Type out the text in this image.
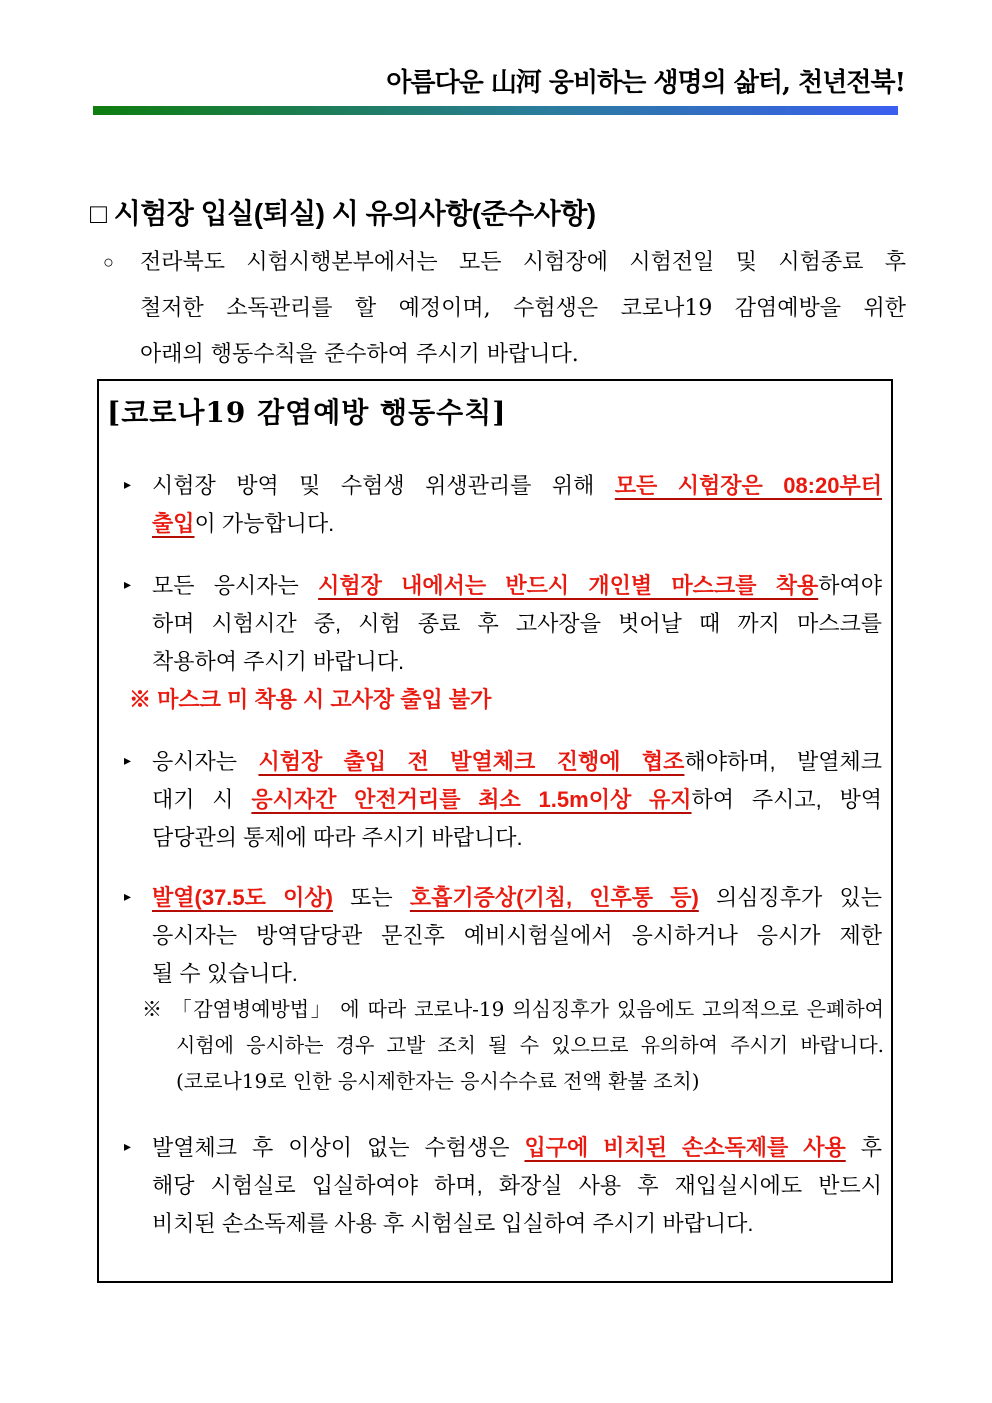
아름다운 山河 웅비하는 생명의 삶터, 천년전북!
□ 시험장 입실(퇴실) 시 유의사항(준수사항)
○ 전라북도 시험시행본부에서는 모든 시험장에 시험전일 및 시험종료 후
철저한 소독관리를 할 예정이며, 수험생은 코로나19 감염예방을 위한
아래의 행동수칙을 준수하여 주시기 바랍니다.
[코로나19 감염예방 행동수칙]
▸ 시험장 방역 및 수험생 위생관리를 위해 모든 시험장은 08:20부터
출입이 가능합니다.
▸ 모든 응시자는 시험장 내에서는 반드시 개인별 마스크를 착용하여야
하며 시험시간 중, 시험 종료 후 고사장을 벗어날 때 까지 마스크를
착용하여 주시기 바랍니다.
※ 마스크 미 착용 시 고사장 출입 불가
▸ 응시자는 시험장 출입 전 발열체크 진행에 협조해야하며, 발열체크
대기 시 응시자간 안전거리를 최소 1.5m이상 유지하여 주시고, 방역
담당관의 통제에 따라 주시기 바랍니다.
▸ 발열(37.5도 이상) 또는 호흡기증상(기침, 인후통 등) 의심징후가 있는
응시자는 방역담당관 문진후 예비시험실에서 응시하거나 응시가 제한
될 수 있습니다.
※ 「감염병예방법」 에 따라 코로나-19 의심징후가 있음에도 고의적으로 은폐하여
시험에 응시하는 경우 고발 조치 될 수 있으므로 유의하여 주시기 바랍니다.
(코로나19로 인한 응시제한자는 응시수수료 전액 환불 조치)
▸ 발열체크 후 이상이 없는 수험생은 입구에 비치된 손소독제를 사용 후
해당 시험실로 입실하여야 하며, 화장실 사용 후 재입실시에도 반드시
비치된 손소독제를 사용 후 시험실로 입실하여 주시기 바랍니다.
